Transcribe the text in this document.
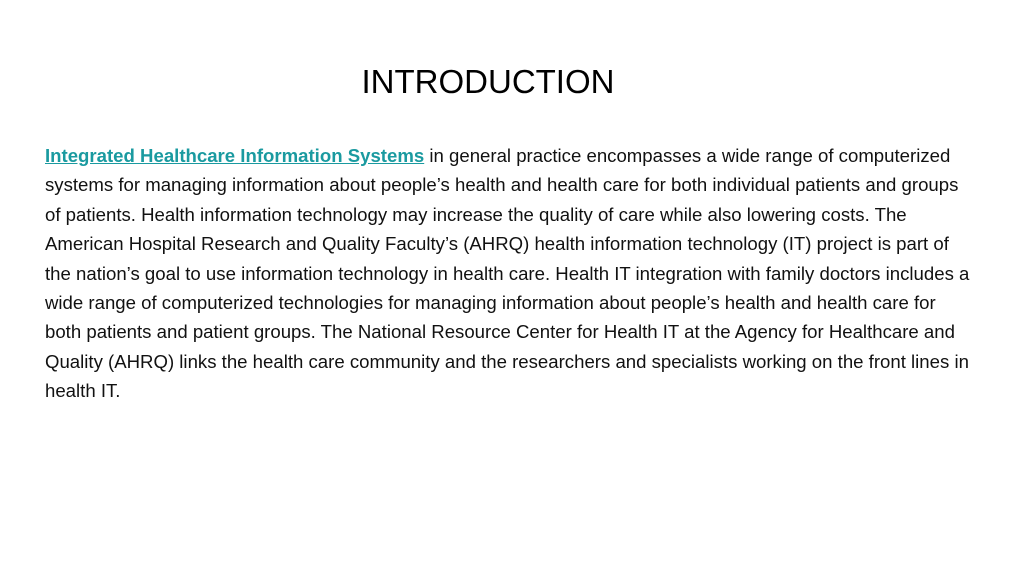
INTRODUCTION

Integrated Healthcare Information Systems in general practice encompasses a wide range of computerized systems for managing information about people’s health and health care for both individual patients and groups of patients. Health information technology may increase the quality of care while also lowering costs. The American Hospital Research and Quality Faculty’s (AHRQ) health information technology (IT) project is part of the nation’s goal to use information technology in health care. Health IT integration with family doctors includes a wide range of computerized technologies for managing information about people’s health and health care for both patients and patient groups. The National Resource Center for Health IT at the Agency for Healthcare and Quality (AHRQ) links the health care community and the researchers and specialists working on the front lines in health IT.
